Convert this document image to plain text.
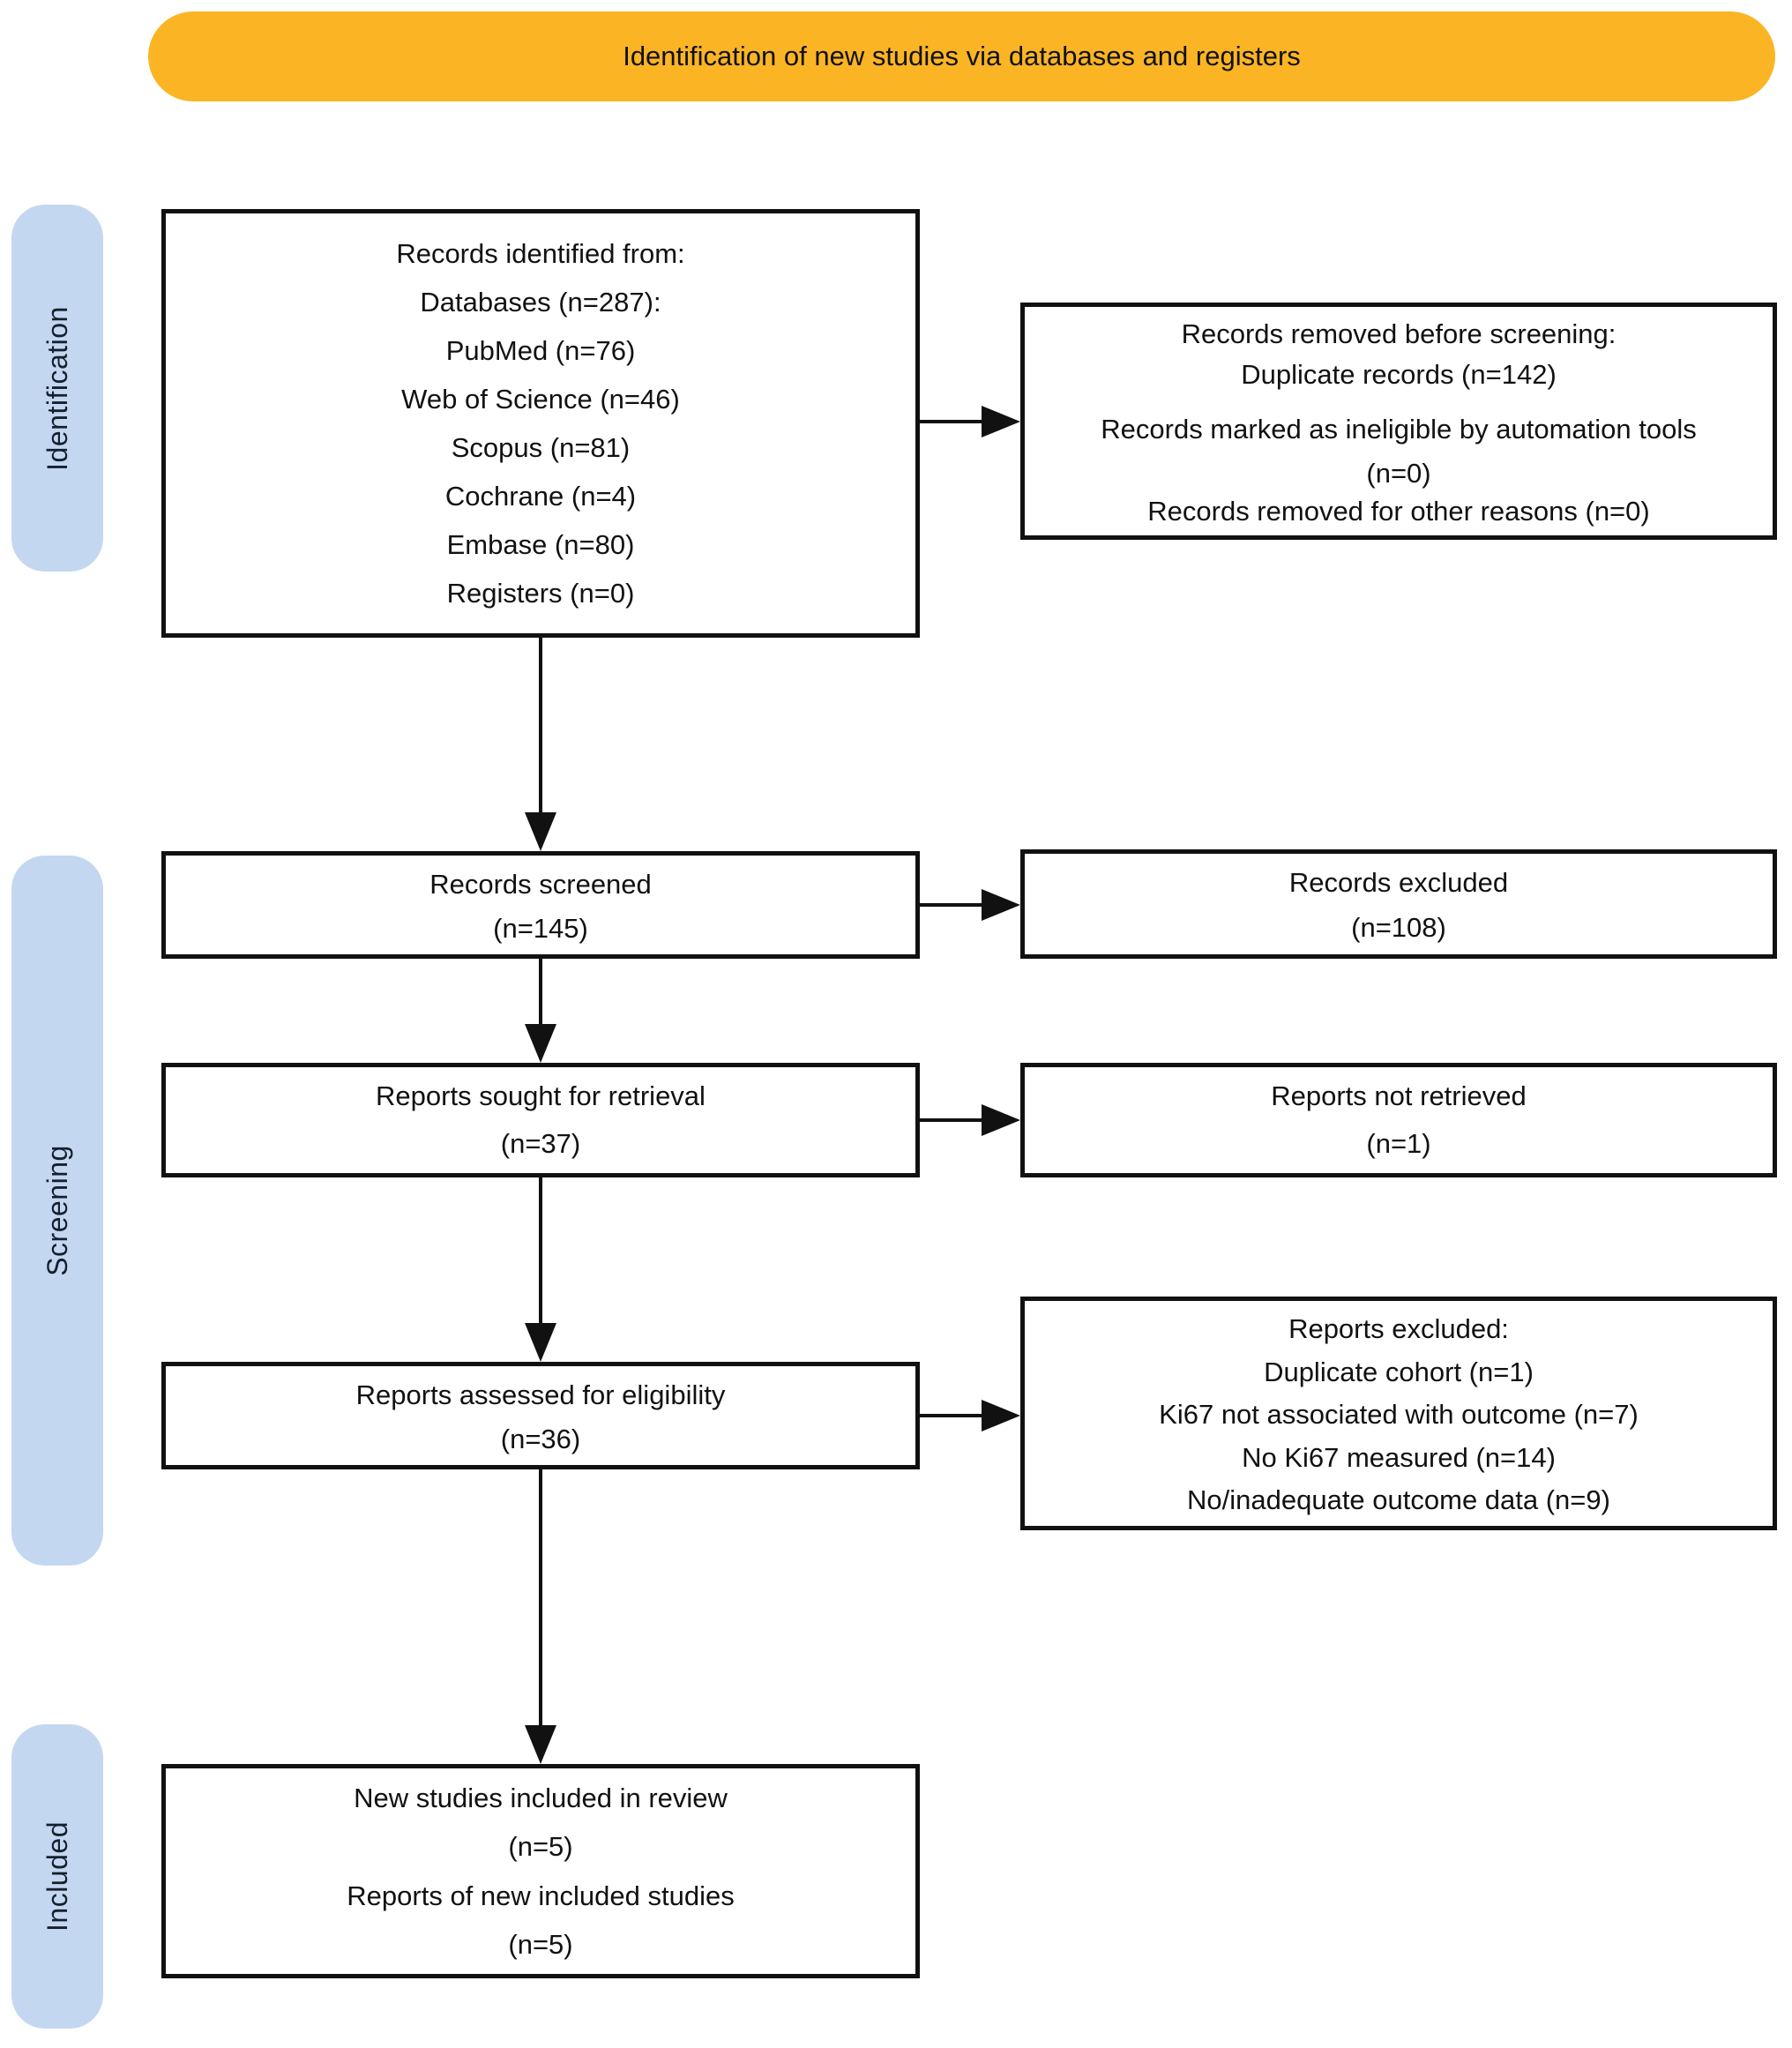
Identification of new studies via databases and registers
Identification
Screening
Included
Records identified from:
Databases (n=287):
PubMed (n=76)
Web of Science (n=46)
Scopus (n=81)
Cochrane (n=4)
Embase (n=80)
Registers (n=0)
Records screened
(n=145)
Reports sought for retrieval
(n=37)
Reports assessed for eligibility
(n=36)
New studies included in review
(n=5)
Reports of new included studies
(n=5)
Records removed before screening:
Duplicate records (n=142)
Records marked as ineligible by automation tools (n=0)
Records removed for other reasons (n=0)
Records excluded
(n=108)
Reports not retrieved
(n=1)
Reports excluded:
Duplicate cohort (n=1)
Ki67 not associated with outcome (n=7)
No Ki67 measured (n=14)
No/inadequate outcome data (n=9)
